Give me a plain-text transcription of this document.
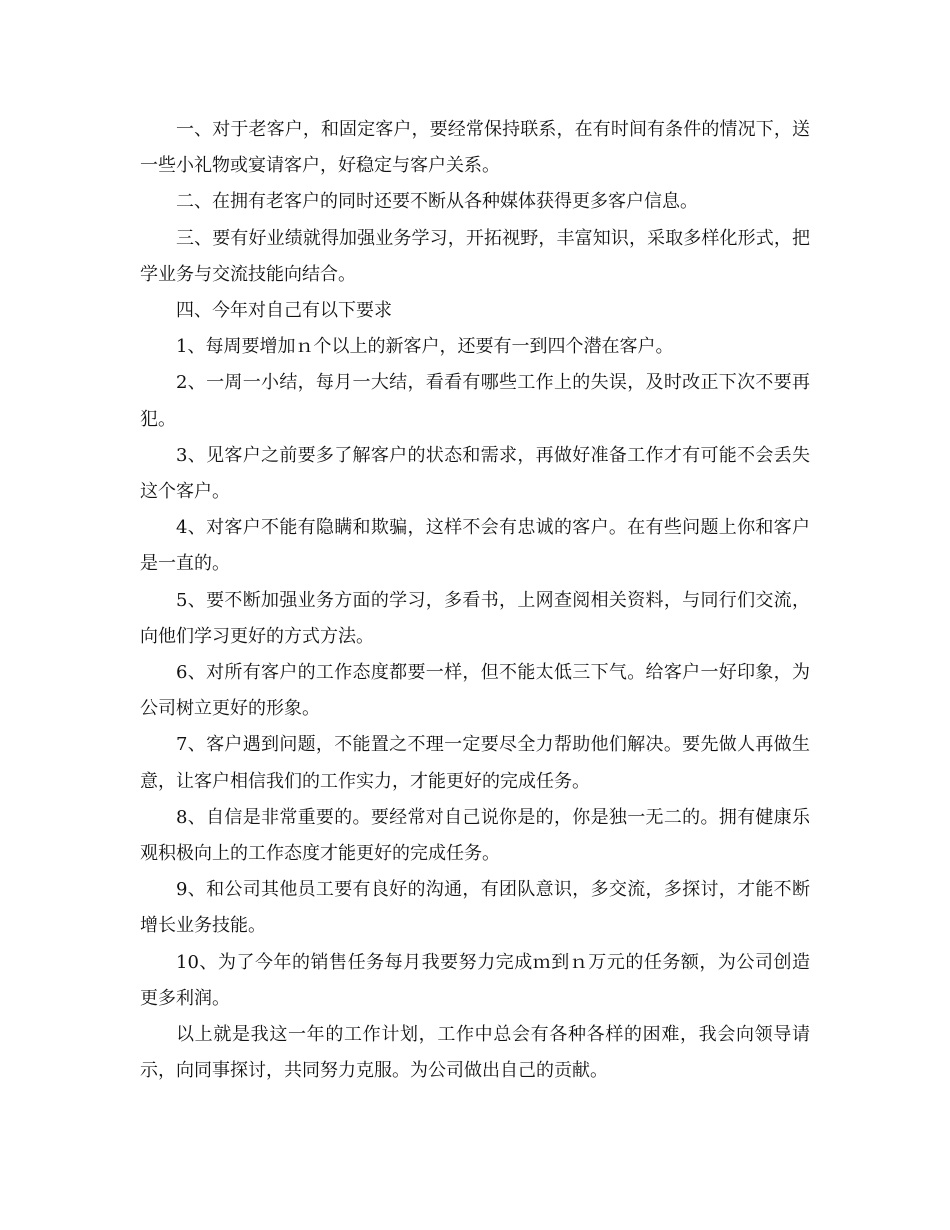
一、对于老客户，和固定客户，要经常保持联系，在有时间有条件的情况下，送一些小礼物或宴请客户，好稳定与客户关系。

二、在拥有老客户的同时还要不断从各种媒体获得更多客户信息。

三、要有好业绩就得加强业务学习，开拓视野，丰富知识，采取多样化形式，把学业务与交流技能向结合。

四、今年对自己有以下要求

1、每周要增加ｎ个以上的新客户，还要有一到四个潜在客户。

2、一周一小结，每月一大结，看看有哪些工作上的失误，及时改正下次不要再犯。

3、见客户之前要多了解客户的状态和需求，再做好准备工作才有可能不会丢失这个客户。

4、对客户不能有隐瞒和欺骗，这样不会有忠诚的客户。在有些问题上你和客户是一直的。

5、要不断加强业务方面的学习，多看书，上网查阅相关资料，与同行们交流，向他们学习更好的方式方法。

6、对所有客户的工作态度都要一样，但不能太低三下气。给客户一好印象，为公司树立更好的形象。

7、客户遇到问题，不能置之不理一定要尽全力帮助他们解决。要先做人再做生意，让客户相信我们的工作实力，才能更好的完成任务。

8、自信是非常重要的。要经常对自己说你是的，你是独一无二的。拥有健康乐观积极向上的工作态度才能更好的完成任务。

9、和公司其他员工要有良好的沟通，有团队意识，多交流，多探讨，才能不断增长业务技能。

10、为了今年的销售任务每月我要努力完成ｍ到ｎ万元的任务额，为公司创造更多利润。

以上就是我这一年的工作计划，工作中总会有各种各样的困难，我会向领导请示，向同事探讨，共同努力克服。为公司做出自己的贡献。
